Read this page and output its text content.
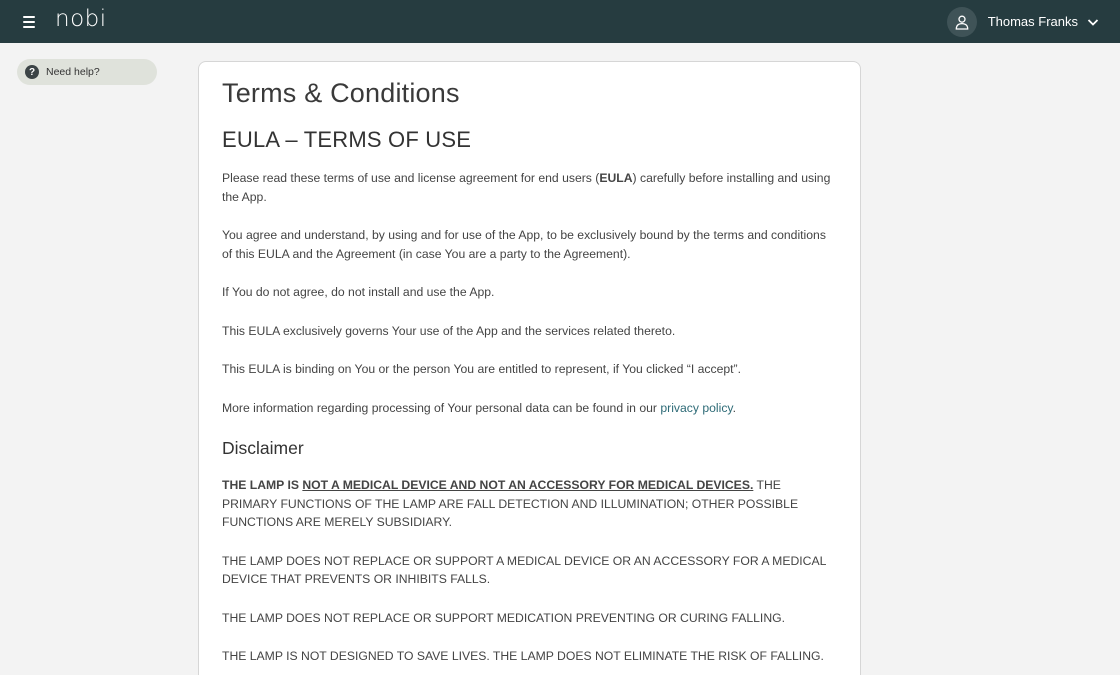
nobi	Thomas Franks
?	Need help?
Terms & Conditions
EULA – TERMS OF USE

Please read these terms of use and license agreement for end users (EULA) carefully before installing and using the App.

You agree and understand, by using and for use of the App, to be exclusively bound by the terms and conditions of this EULA and the Agreement (in case You are a party to the Agreement).

If You do not agree, do not install and use the App.

This EULA exclusively governs Your use of the App and the services related thereto.

This EULA is binding on You or the person You are entitled to represent, if You clicked “I accept”.

More information regarding processing of Your personal data can be found in our privacy policy.

Disclaimer

THE LAMP IS NOT A MEDICAL DEVICE AND NOT AN ACCESSORY FOR MEDICAL DEVICES. THE PRIMARY FUNCTIONS OF THE LAMP ARE FALL DETECTION AND ILLUMINATION; OTHER POSSIBLE FUNCTIONS ARE MERELY SUBSIDIARY.

THE LAMP DOES NOT REPLACE OR SUPPORT A MEDICAL DEVICE OR AN ACCESSORY FOR A MEDICAL DEVICE THAT PREVENTS OR INHIBITS FALLS.

THE LAMP DOES NOT REPLACE OR SUPPORT MEDICATION PREVENTING OR CURING FALLING.

THE LAMP IS NOT DESIGNED TO SAVE LIVES. THE LAMP DOES NOT ELIMINATE THE RISK OF FALLING.
